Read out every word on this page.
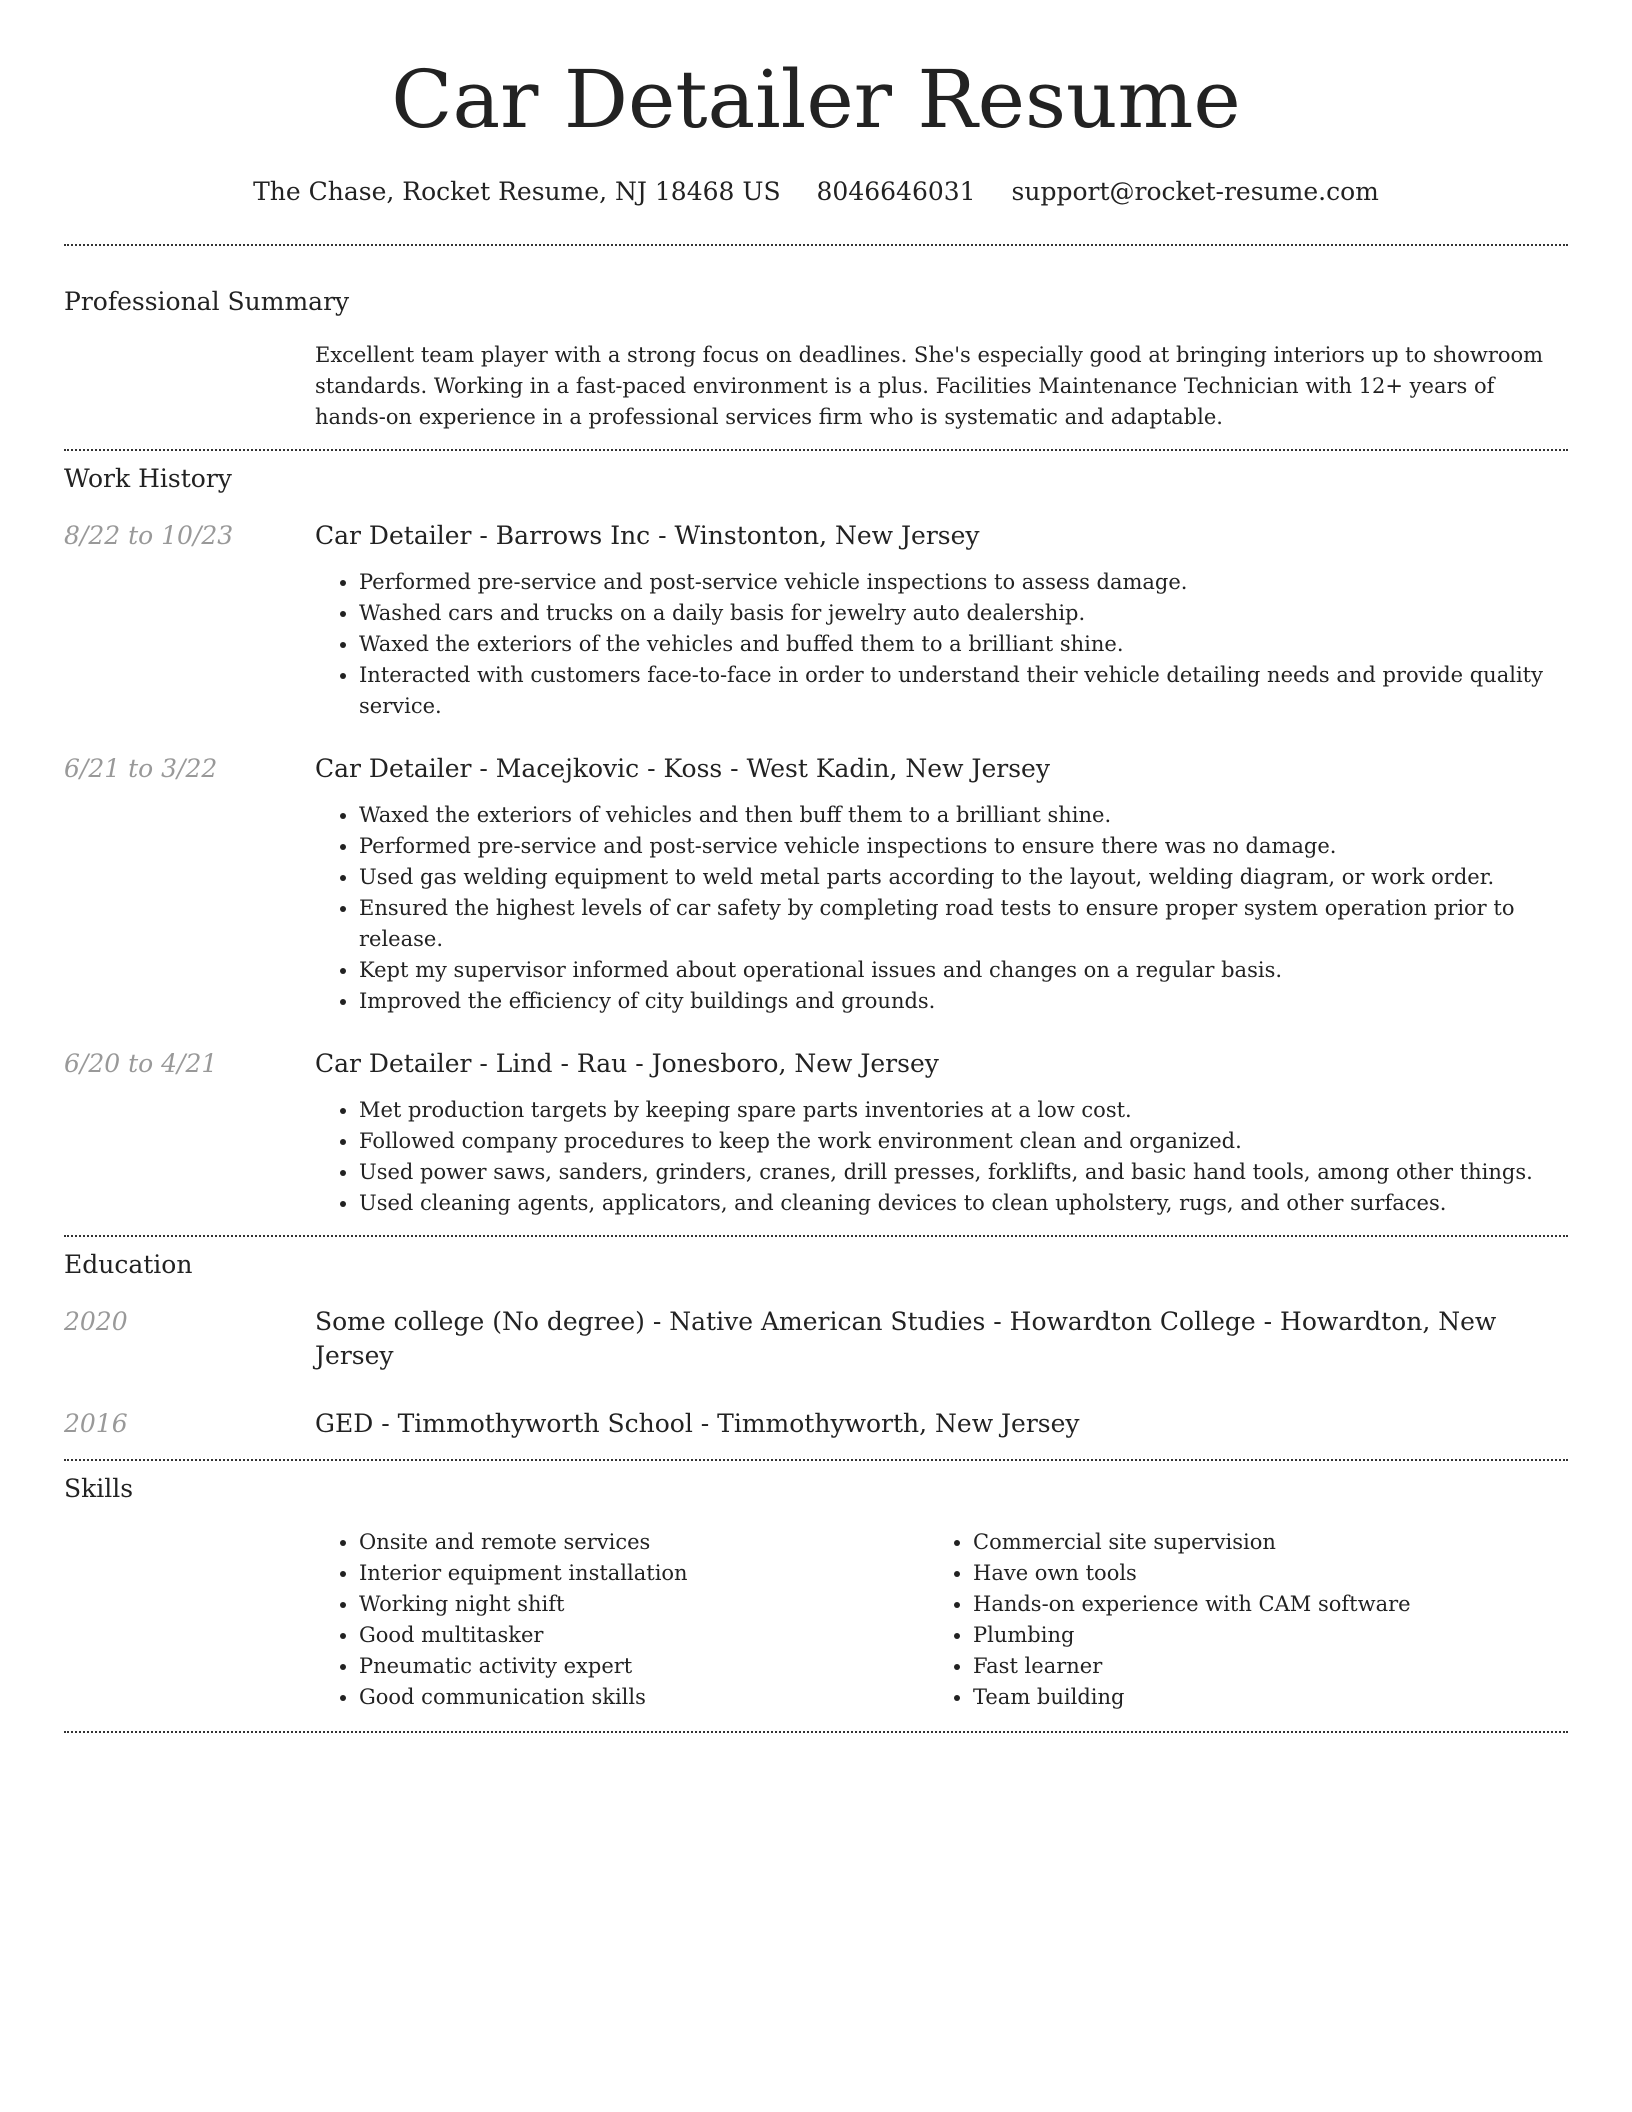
Car Detailer Resume
The Chase, Rocket Resume, NJ 18468 US 8046646031 support@rocket-resume.com
Professional Summary
Excellent team player with a strong focus on deadlines. She's especially good at bringing interiors up to showroom standards. Working in a fast-paced environment is a plus. Facilities Maintenance Technician with 12+ years of hands-on experience in a professional services firm who is systematic and adaptable.
Work History
8/22 to 10/23	Car Detailer - Barrows Inc - Winstonton, New Jersey
• Performed pre-service and post-service vehicle inspections to assess damage.
• Washed cars and trucks on a daily basis for jewelry auto dealership.
• Waxed the exteriors of the vehicles and buffed them to a brilliant shine.
• Interacted with customers face-to-face in order to understand their vehicle detailing needs and provide quality service.
6/21 to 3/22	Car Detailer - Macejkovic - Koss - West Kadin, New Jersey
• Waxed the exteriors of vehicles and then buff them to a brilliant shine.
• Performed pre-service and post-service vehicle inspections to ensure there was no damage.
• Used gas welding equipment to weld metal parts according to the layout, welding diagram, or work order.
• Ensured the highest levels of car safety by completing road tests to ensure proper system operation prior to release.
• Kept my supervisor informed about operational issues and changes on a regular basis.
• Improved the efficiency of city buildings and grounds.
6/20 to 4/21	Car Detailer - Lind - Rau - Jonesboro, New Jersey
• Met production targets by keeping spare parts inventories at a low cost.
• Followed company procedures to keep the work environment clean and organized.
• Used power saws, sanders, grinders, cranes, drill presses, forklifts, and basic hand tools, among other things.
• Used cleaning agents, applicators, and cleaning devices to clean upholstery, rugs, and other surfaces.
Education
2020	Some college (No degree) - Native American Studies - Howardton College - Howardton, New Jersey
2016	GED - Timmothyworth School - Timmothyworth, New Jersey
Skills
• Onsite and remote services
• Interior equipment installation
• Working night shift
• Good multitasker
• Pneumatic activity expert
• Good communication skills
• Commercial site supervision
• Have own tools
• Hands-on experience with CAM software
• Plumbing
• Fast learner
• Team building
